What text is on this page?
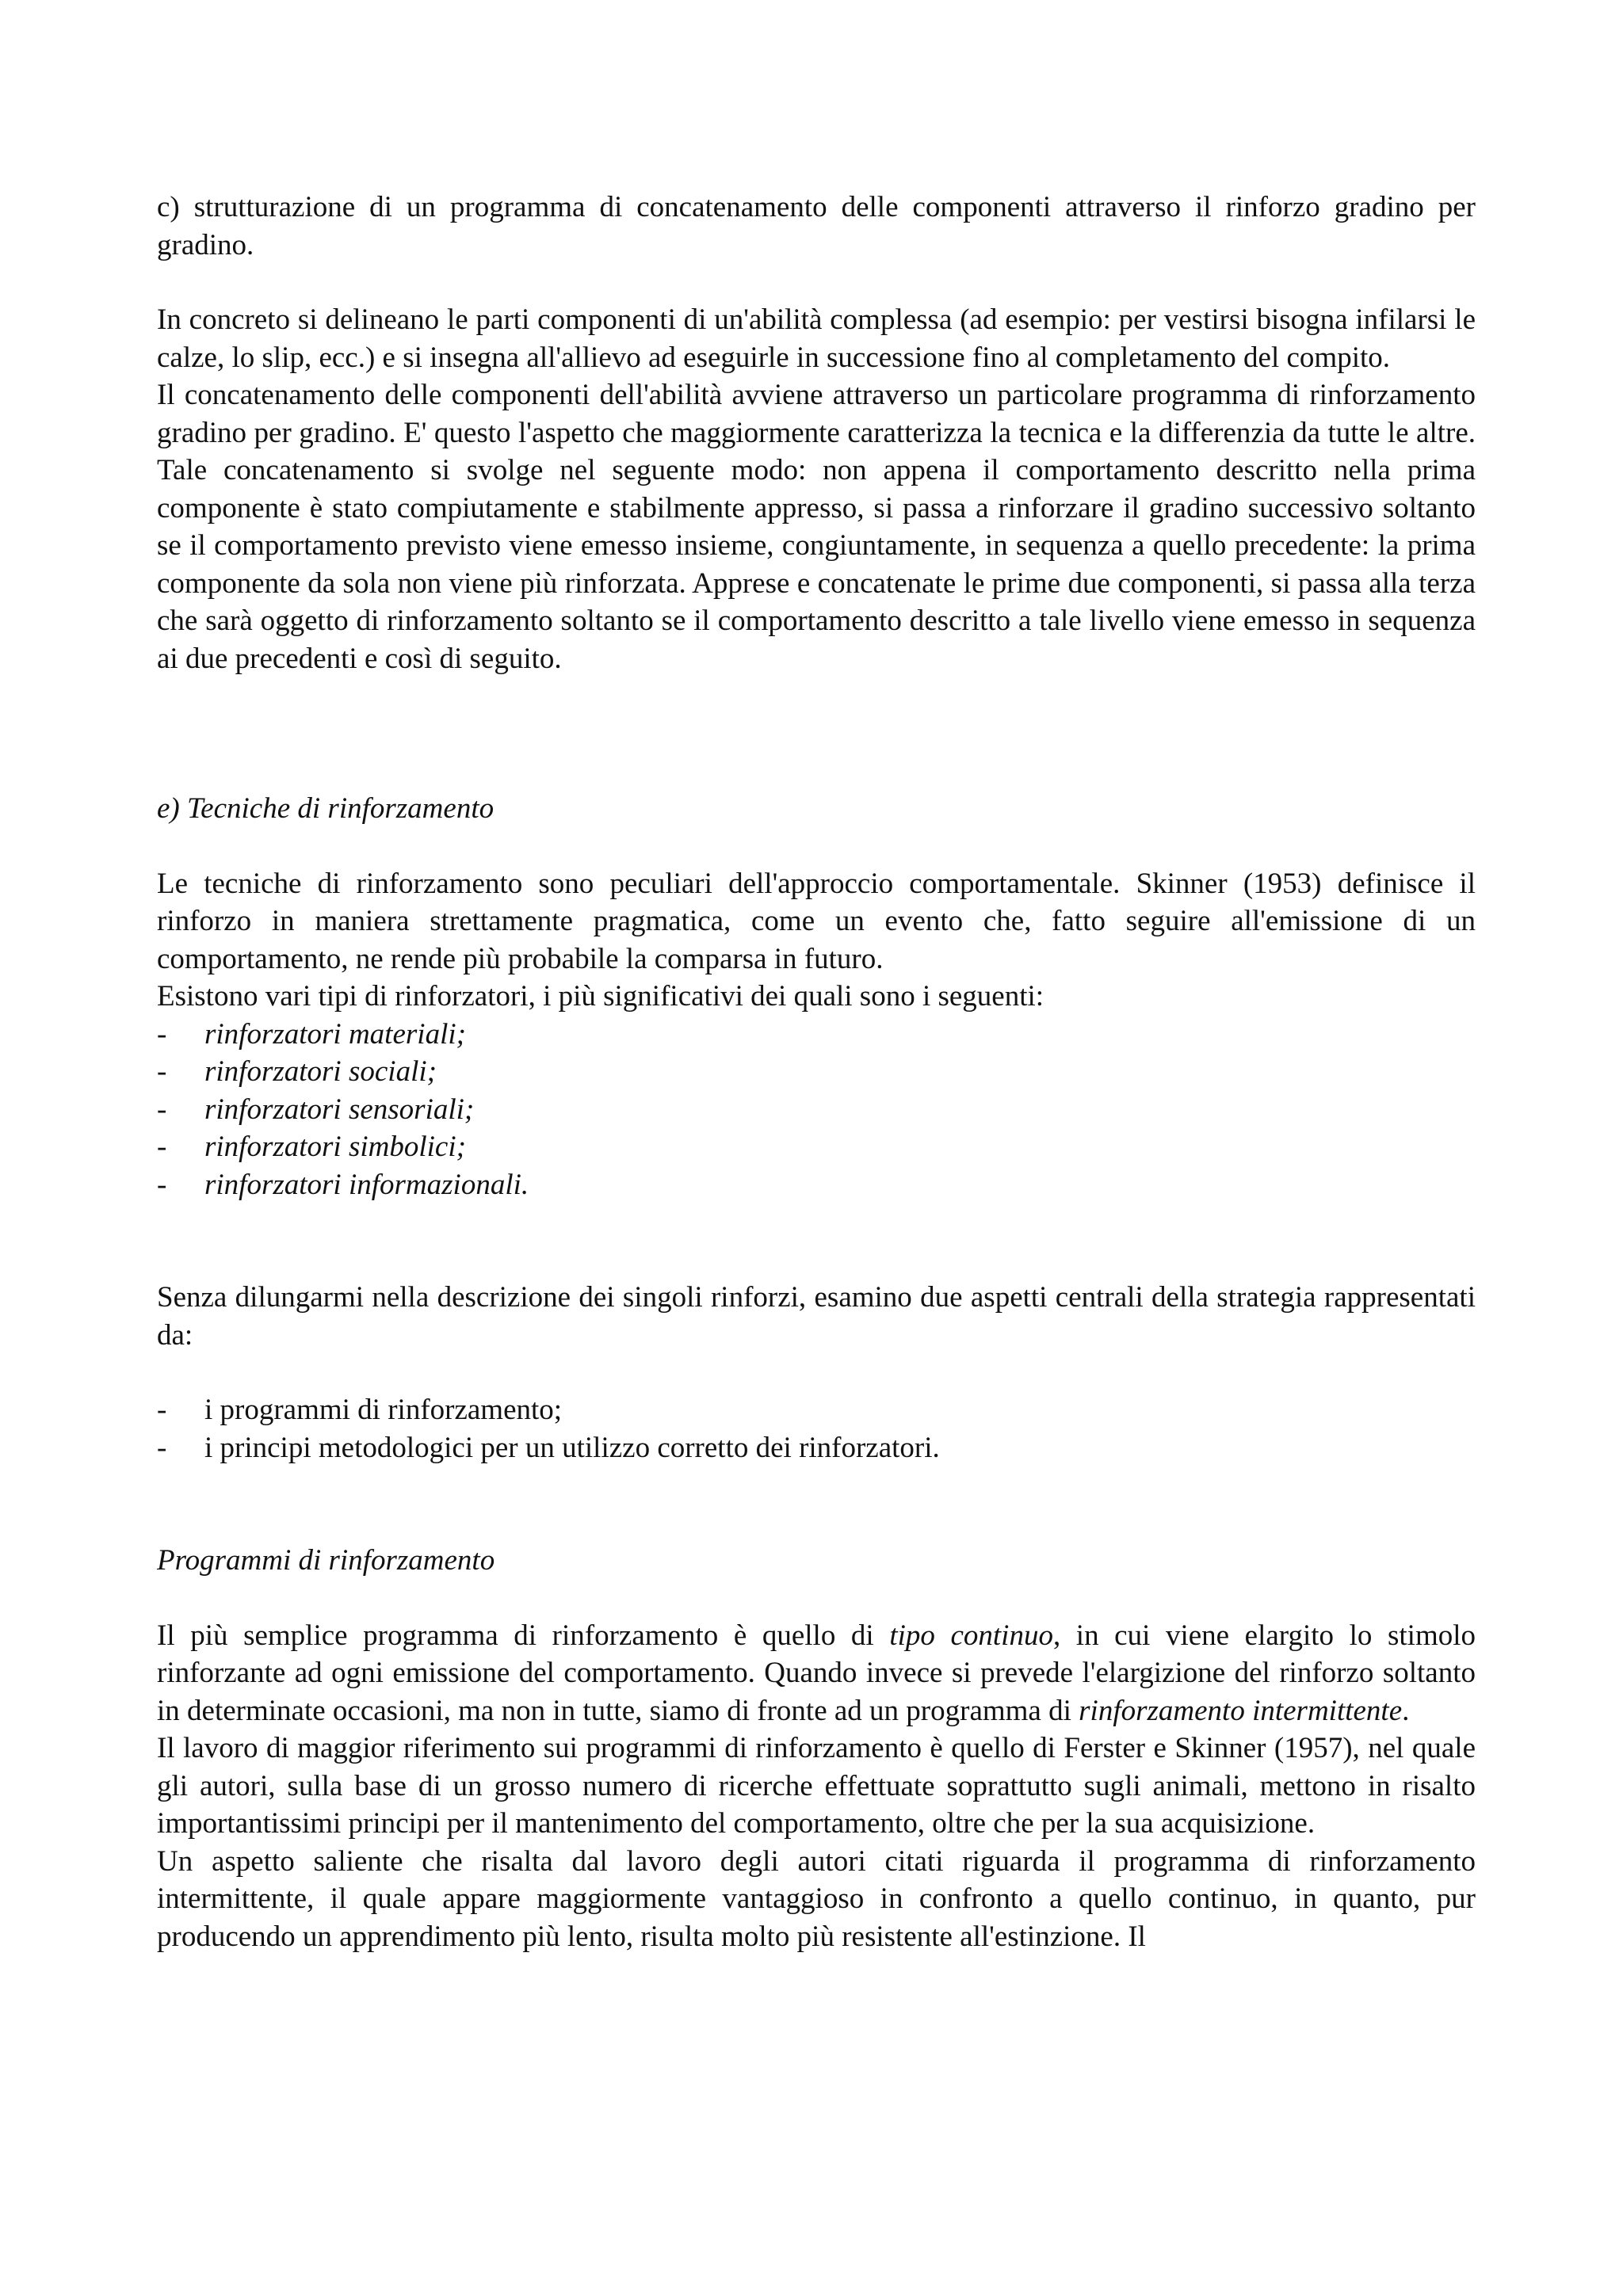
c) strutturazione di un programma di concatenamento delle componenti attraverso il rinforzo gradino per gradino.

In concreto si delineano le parti componenti di un'abilità complessa (ad esempio: per vestirsi bisogna infilarsi le calze, lo slip, ecc.) e si insegna all'allievo ad eseguirle in successione fino al completamento del compito.

Il concatenamento delle componenti dell'abilità avviene attraverso un particolare programma di rinforzamento gradino per gradino. E' questo l'aspetto che maggiormente caratterizza la tecnica e la differenzia da tutte le altre. Tale concatenamento si svolge nel seguente modo: non appena il comportamento descritto nella prima componente è stato compiutamente e stabilmente appresso, si passa a rinforzare il gradino successivo soltanto se il comportamento previsto viene emesso insieme, congiuntamente, in sequenza a quello precedente: la prima componente da sola non viene più rinforzata. Apprese e concatenate le prime due componenti, si passa alla terza che sarà oggetto di rinforzamento soltanto se il comportamento descritto a tale livello viene emesso in sequenza ai due precedenti e così di seguito.

e) Tecniche di rinforzamento

Le tecniche di rinforzamento sono peculiari dell'approccio comportamentale. Skinner (1953) definisce il rinforzo in maniera strettamente pragmatica, come un evento che, fatto seguire all'emissione di un comportamento, ne rende più probabile la comparsa in futuro.

Esistono vari tipi di rinforzatori, i più significativi dei quali sono i seguenti:

- rinforzatori materiali;
- rinforzatori sociali;
- rinforzatori sensoriali;
- rinforzatori simbolici;
- rinforzatori informazionali.

Senza dilungarmi nella descrizione dei singoli rinforzi, esamino due aspetti centrali della strategia rappresentati da:

- i programmi di rinforzamento;
- i principi metodologici per un utilizzo corretto dei rinforzatori.

Programmi di rinforzamento

Il più semplice programma di rinforzamento è quello di tipo continuo, in cui viene elargito lo stimolo rinforzante ad ogni emissione del comportamento. Quando invece si prevede l'elargizione del rinforzo soltanto in determinate occasioni, ma non in tutte, siamo di fronte ad un programma di rinforzamento intermittente.

Il lavoro di maggior riferimento sui programmi di rinforzamento è quello di Ferster e Skinner (1957), nel quale gli autori, sulla base di un grosso numero di ricerche effettuate soprattutto sugli animali, mettono in risalto importantissimi principi per il mantenimento del comportamento, oltre che per la sua acquisizione.

Un aspetto saliente che risalta dal lavoro degli autori citati riguarda il programma di rinforzamento intermittente, il quale appare maggiormente vantaggioso in confronto a quello continuo, in quanto, pur producendo un apprendimento più lento, risulta molto più resistente all'estinzione. Il
